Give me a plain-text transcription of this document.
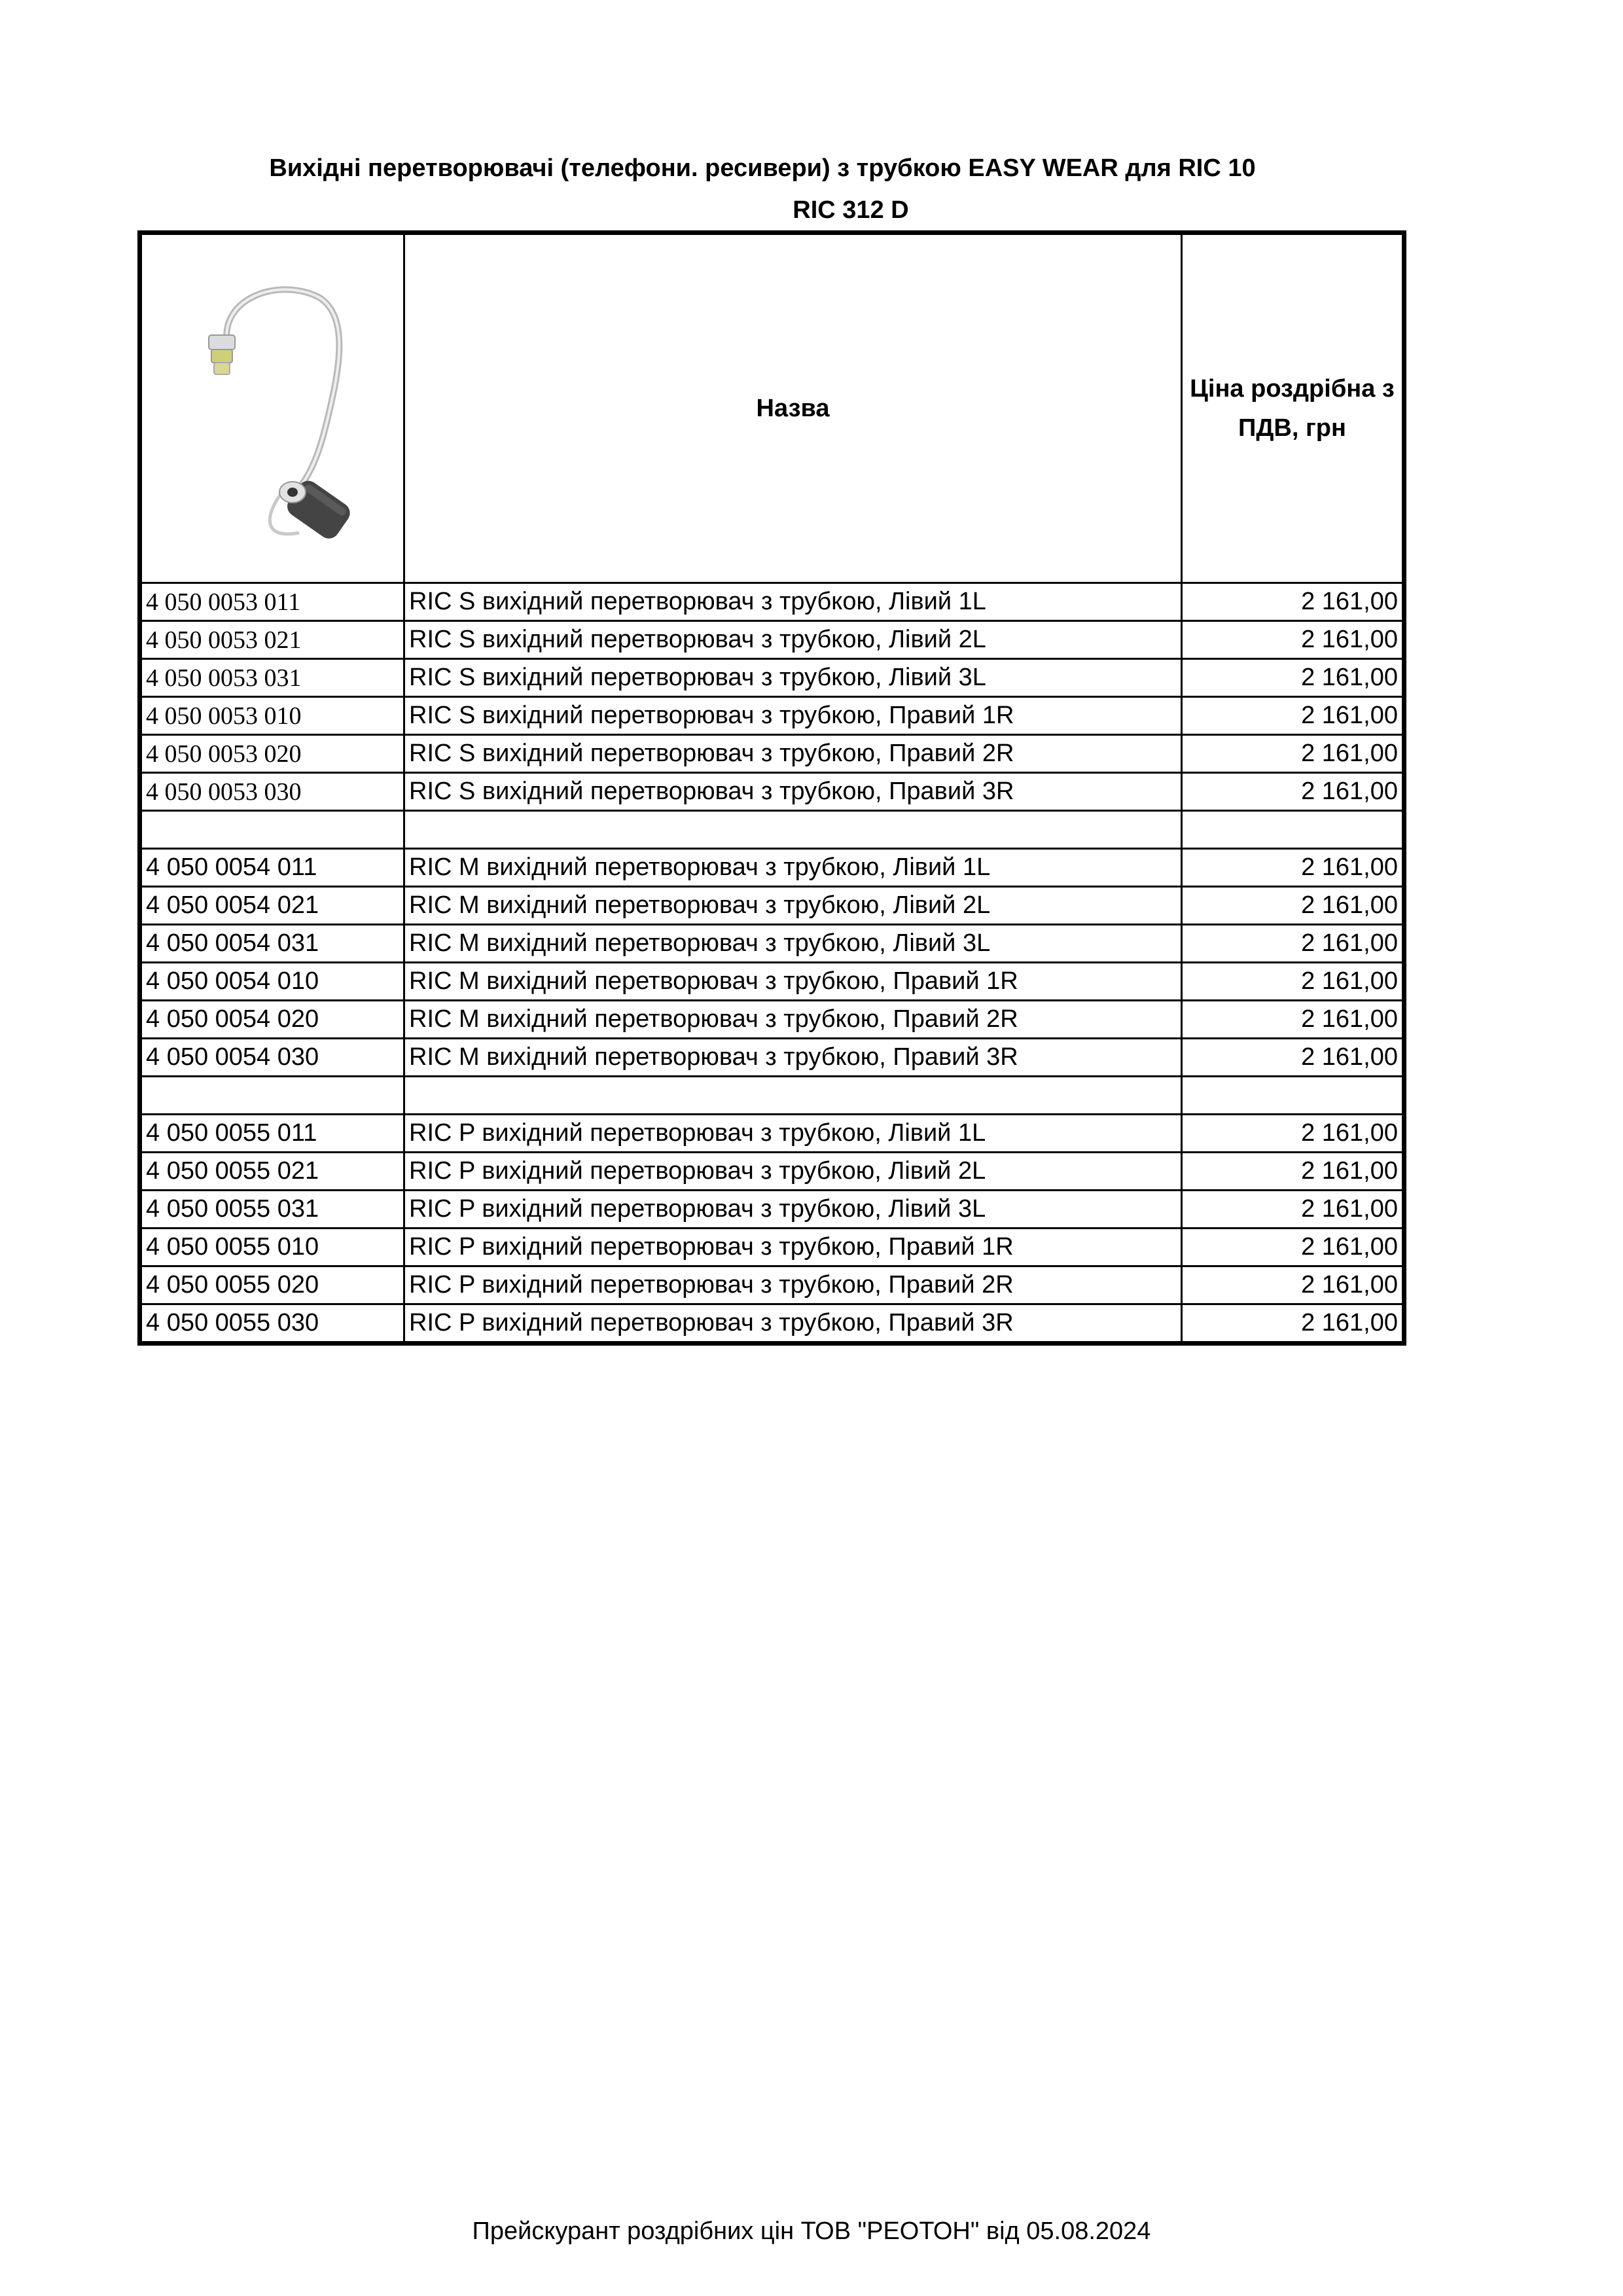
Вихідні перетворювачі (телефони. ресивери) з трубкою EASY WEAR для RIC 10
RIC 312 D
	Назва	Ціна роздрібна з ПДВ, грн
4 050 0053 011	RIC S вихідний перетворювач з трубкою, Лівий 1L	2 161,00
4 050 0053 021	RIC S вихідний перетворювач з трубкою, Лівий 2L	2 161,00
4 050 0053 031	RIC S вихідний перетворювач з трубкою, Лівий 3L	2 161,00
4 050 0053 010	RIC S вихідний перетворювач з трубкою, Правий 1R	2 161,00
4 050 0053 020	RIC S вихідний перетворювач з трубкою, Правий 2R	2 161,00
4 050 0053 030	RIC S вихідний перетворювач з трубкою, Правий 3R	2 161,00

4 050 0054 011	RIC M вихідний перетворювач з трубкою, Лівий 1L	2 161,00
4 050 0054 021	RIC M вихідний перетворювач з трубкою, Лівий 2L	2 161,00
4 050 0054 031	RIC M вихідний перетворювач з трубкою, Лівий 3L	2 161,00
4 050 0054 010	RIC M вихідний перетворювач з трубкою, Правий 1R	2 161,00
4 050 0054 020	RIC M вихідний перетворювач з трубкою, Правий 2R	2 161,00
4 050 0054 030	RIC M вихідний перетворювач з трубкою, Правий 3R	2 161,00

4 050 0055 011	RIC P вихідний перетворювач з трубкою, Лівий 1L	2 161,00
4 050 0055 021	RIC P вихідний перетворювач з трубкою, Лівий 2L	2 161,00
4 050 0055 031	RIC P вихідний перетворювач з трубкою, Лівий 3L	2 161,00
4 050 0055 010	RIC P вихідний перетворювач з трубкою, Правий 1R	2 161,00
4 050 0055 020	RIC P вихідний перетворювач з трубкою, Правий 2R	2 161,00
4 050 0055 030	RIC P вихідний перетворювач з трубкою, Правий 3R	2 161,00
Прейскурант роздрібних цін ТОВ "РЕОТОН" від 05.08.2024
